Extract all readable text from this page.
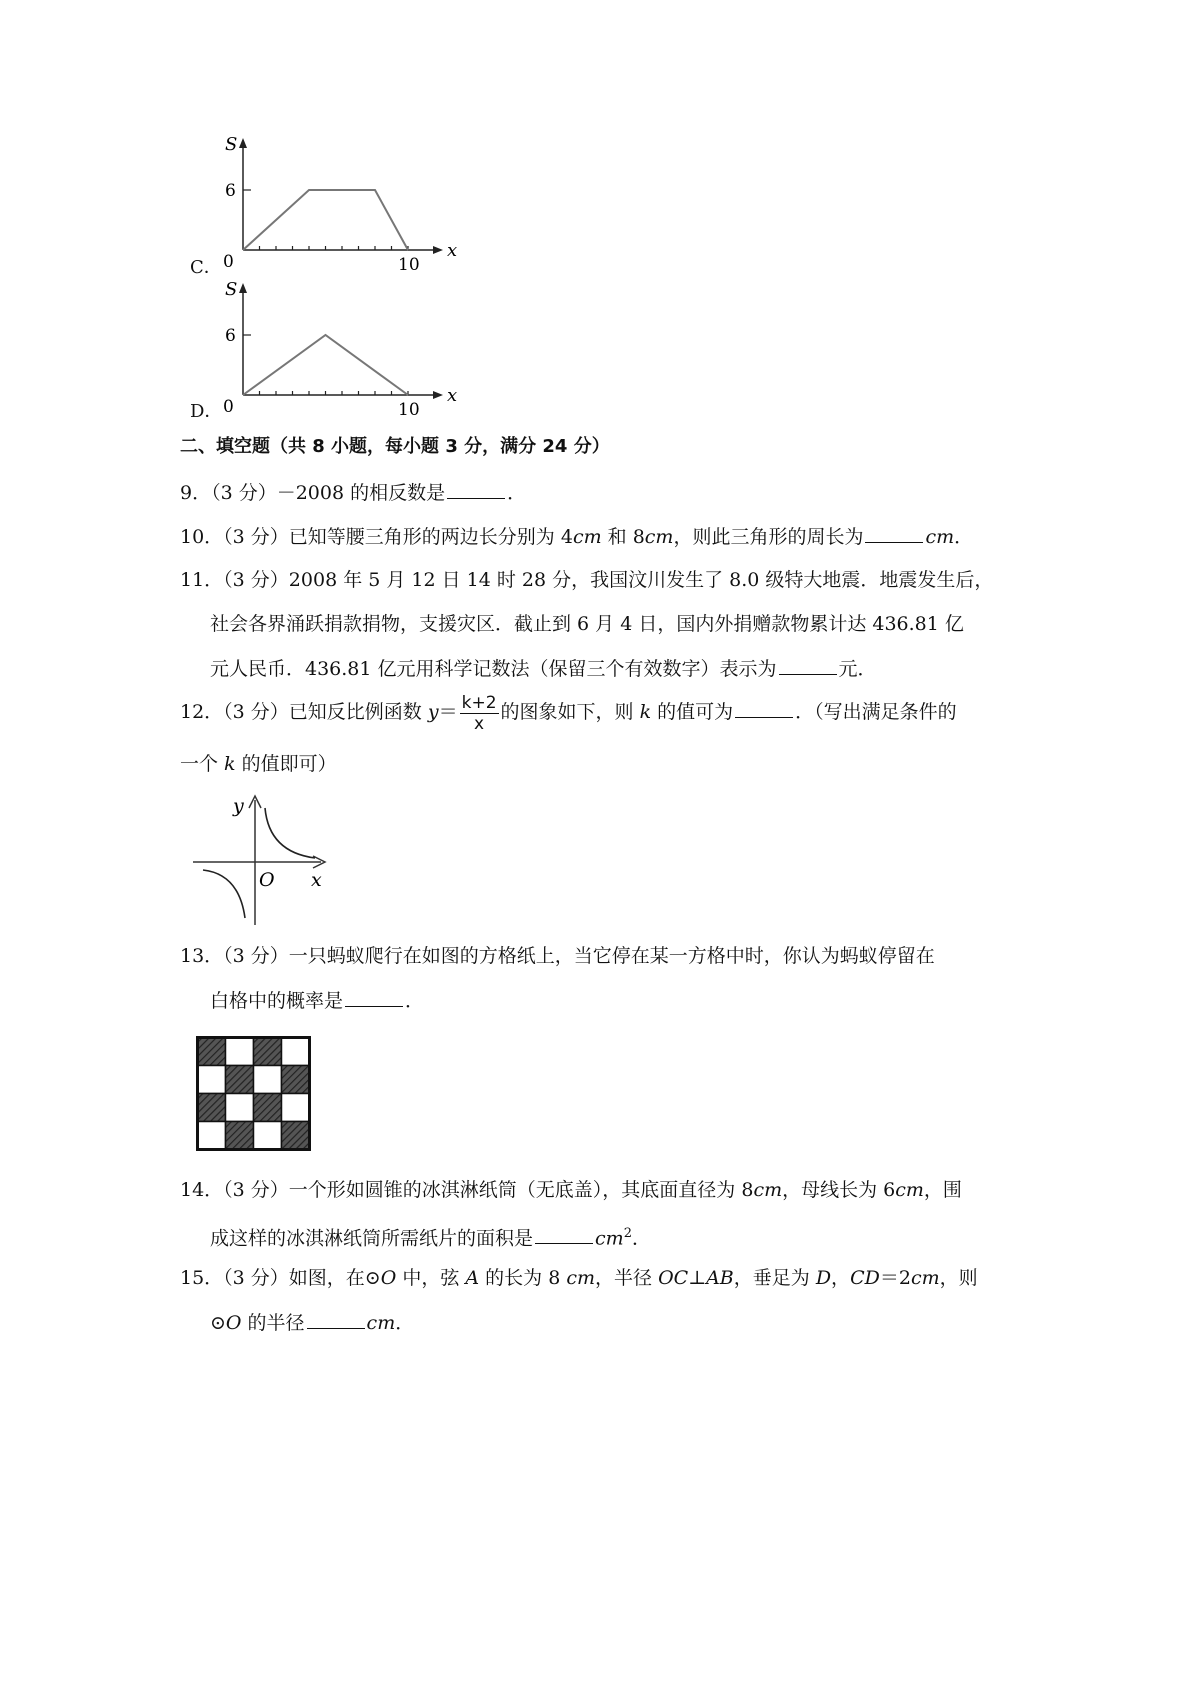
C．
S
x
0
6
10
D．
S
x
0
6
10
二、填空题（共 8 小题，每小题 3 分，满分 24 分）
9．（3 分）－2008 的相反数是	．
10．（3 分）已知等腰三角形的两边长分别为 4cm 和 8cm，则此三角形的周长为	cm．
11．（3 分）2008 年 5 月 12 日 14 时 28 分，我国汶川发生了 8.0 级特大地震．地震发生后，
社会各界涌跃捐款捐物，支援灾区．截止到 6 月 4 日，国内外捐赠款物累计达 436.81 亿
元人民币．436.81 亿元用科学记数法（保留三个有效数字）表示为	元．
12．（3 分）已知反比例函数 $y= \frac{k+2}{x}$ 的图象如下，则 k 的值可为	．（写出满足条件的
一个 k 的值即可）
y
x
O
13．（3 分）一只蚂蚁爬行在如图的方格纸上，当它停在某一方格中时，你认为蚂蚁停留在
白格中的概率是	．
14．（3 分）一个形如圆锥的冰淇淋纸筒（无底盖），其底面直径为 8cm，母线长为 6cm，围
成这样的冰淇淋纸筒所需纸片的面积是	$cm^2$．
15．（3 分）如图，在⊙O 中，弦 A 的长为 8 cm，半径 OC⊥AB，垂足为 D，CD＝2cm，则
⊙O 的半径	cm．
